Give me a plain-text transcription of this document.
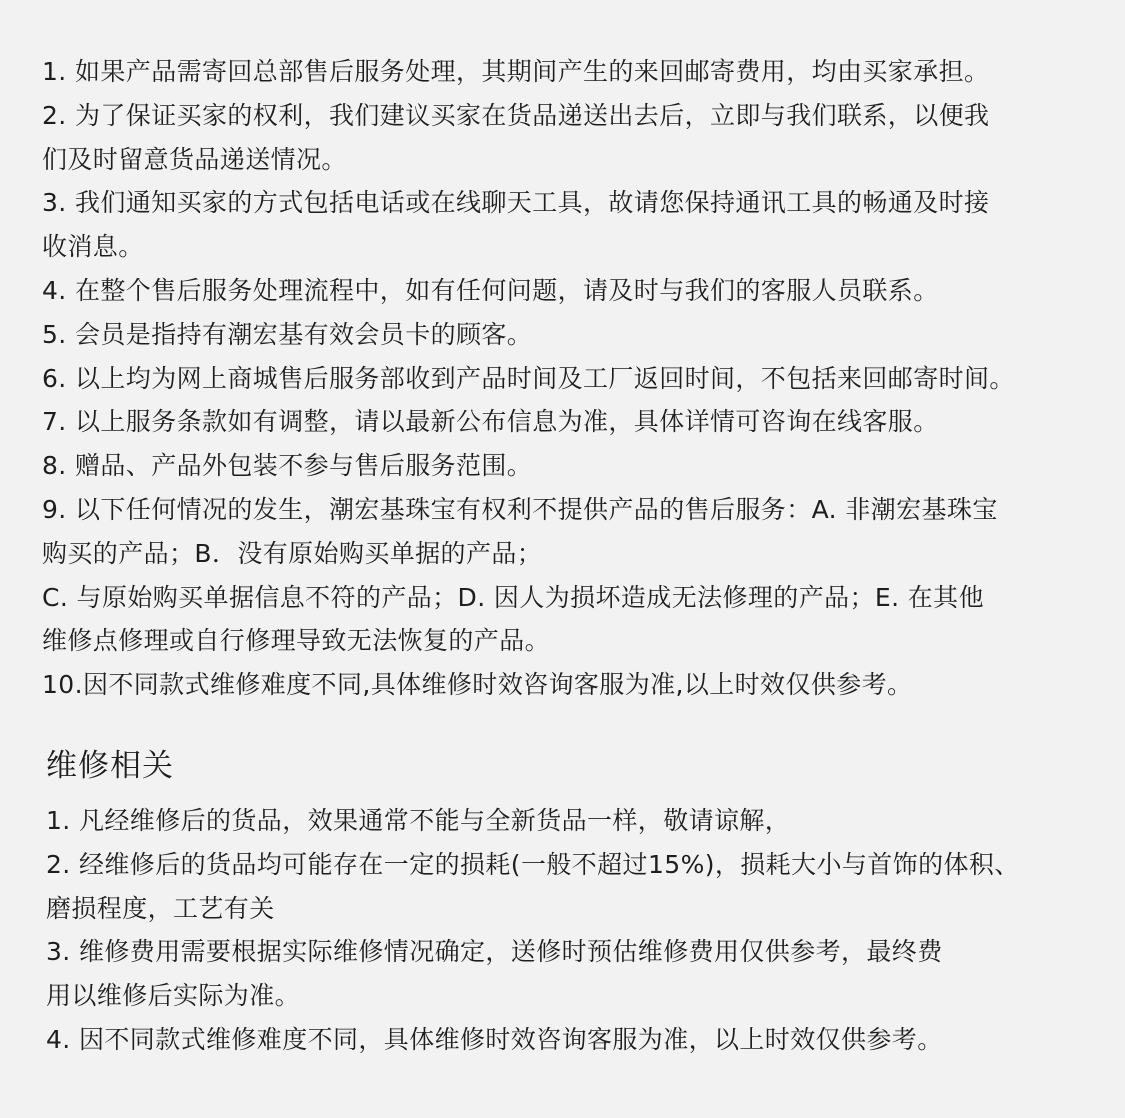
1. 如果产品需寄回总部售后服务处理，其期间产生的来回邮寄费用，均由买家承担。
2. 为了保证买家的权利，我们建议买家在货品递送出去后，立即与我们联系，以便我
们及时留意货品递送情况。
3. 我们通知买家的方式包括电话或在线聊天工具，故请您保持通讯工具的畅通及时接
收消息。
4. 在整个售后服务处理流程中，如有任何问题，请及时与我们的客服人员联系。
5. 会员是指持有潮宏基有效会员卡的顾客。
6. 以上均为网上商城售后服务部收到产品时间及工厂返回时间，不包括来回邮寄时间。
7. 以上服务条款如有调整，请以最新公布信息为准，具体详情可咨询在线客服。
8. 赠品、产品外包装不参与售后服务范围。
9. 以下任何情况的发生，潮宏基珠宝有权利不提供产品的售后服务：A. 非潮宏基珠宝
购买的产品；B．没有原始购买单据的产品；
C. 与原始购买单据信息不符的产品；D. 因人为损坏造成无法修理的产品；E. 在其他
维修点修理或自行修理导致无法恢复的产品。
10.因不同款式维修难度不同,具体维修时效咨询客服为准,以上时效仅供参考。
维修相关
1. 凡经维修后的货品，效果通常不能与全新货品一样，敬请谅解，
2. 经维修后的货品均可能存在一定的损耗(一般不超过15%)，损耗大小与首饰的体积、
磨损程度，工艺有关
3. 维修费用需要根据实际维修情况确定，送修时预估维修费用仅供参考，最终费
用以维修后实际为准。
4. 因不同款式维修难度不同，具体维修时效咨询客服为准，以上时效仅供参考。
